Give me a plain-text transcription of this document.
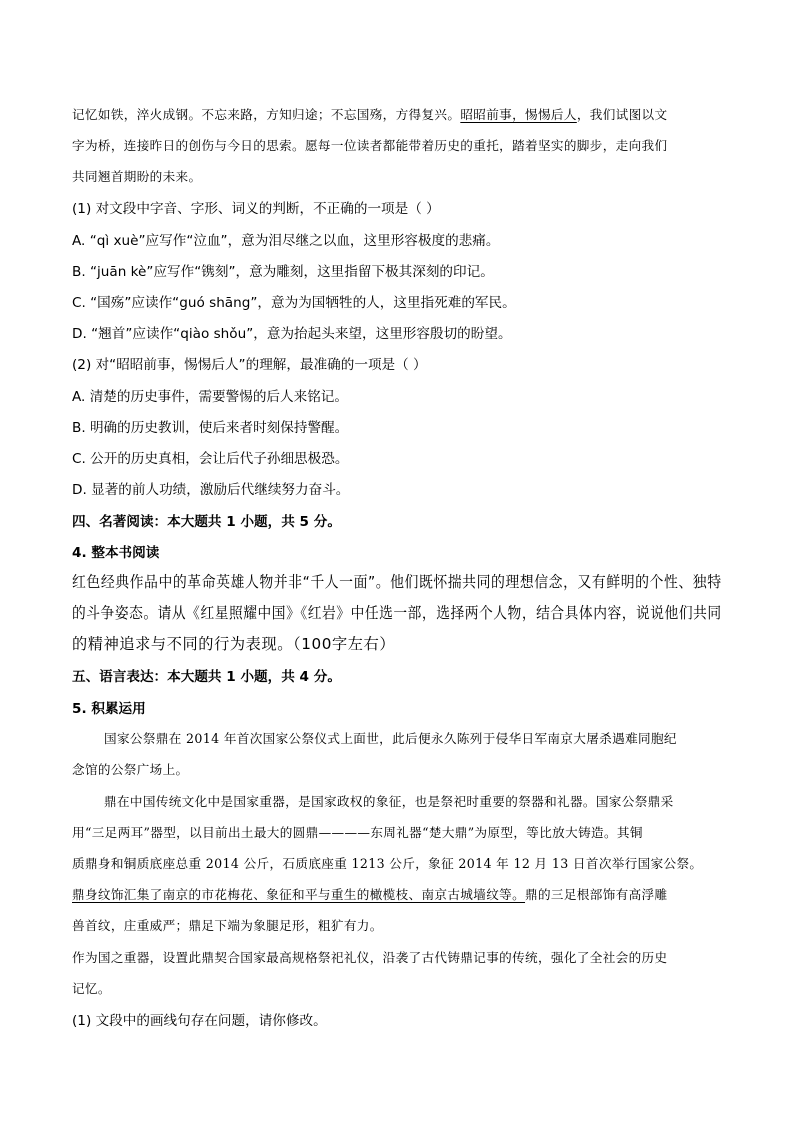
记忆如铁，淬火成钢。不忘来路，方知归途；不忘国殇，方得复兴。昭昭前事，惕惕后人，我们试图以文
字为桥，连接昨日的创伤与今日的思索。愿每一位读者都能带着历史的重托，踏着坚实的脚步，走向我们
共同翘首期盼的未来。
(1) 对文段中字音、字形、词义的判断，不正确的一项是（ ）
A. “qì xuè”应写作“泣血”，意为泪尽继之以血，这里形容极度的悲痛。
B. “juān kè”应写作“镌刻”，意为雕刻，这里指留下极其深刻的印记。
C. “国殇”应读作“guó shāng”，意为为国牺牲的人，这里指死难的军民。
D. “翘首”应读作“qiào shǒu”，意为抬起头来望，这里形容殷切的盼望。
(2) 对“昭昭前事，惕惕后人”的理解，最准确的一项是（ ）
A. 清楚的历史事件，需要警惕的后人来铭记。
B. 明确的历史教训，使后来者时刻保持警醒。
C. 公开的历史真相，会让后代子孙细思极恐。
D. 显著的前人功绩，激励后代继续努力奋斗。
四、名著阅读：本大题共 1 小题，共 5 分。
4. 整本书阅读
红色经典作品中的革命英雄人物并非“千人一面”。他们既怀揣共同的理想信念，又有鲜明的个性、独特
的斗争姿态。请从《红星照耀中国》《红岩》中任选一部，选择两个人物，结合具体内容，说说他们共同
的精神追求与不同的行为表现。（100字左右）
五、语言表达：本大题共 1 小题，共 4 分。
5. 积累运用
国家公祭鼎在 2014 年首次国家公祭仪式上面世，此后便永久陈列于侵华日军南京大屠杀遇难同胞纪
念馆的公祭广场上。
鼎在中国传统文化中是国家重器，是国家政权的象征，也是祭祀时重要的祭器和礼器。国家公祭鼎采
用“三足两耳”器型，以目前出土最大的圆鼎————东周礼器“楚大鼎”为原型，等比放大铸造。其铜
质鼎身和铜质底座总重 2014 公斤，石质底座重 1213 公斤，象征 2014 年 12 月 13 日首次举行国家公祭。
鼎身纹饰汇集了南京的市花梅花、象征和平与重生的橄榄枝、南京古城墙纹等。鼎的三足根部饰有高浮雕
兽首纹，庄重威严；鼎足下端为象腿足形，粗犷有力。
作为国之重器，设置此鼎契合国家最高规格祭祀礼仪，沿袭了古代铸鼎记事的传统，强化了全社会的历史
记忆。
(1) 文段中的画线句存在问题，请你修改。
